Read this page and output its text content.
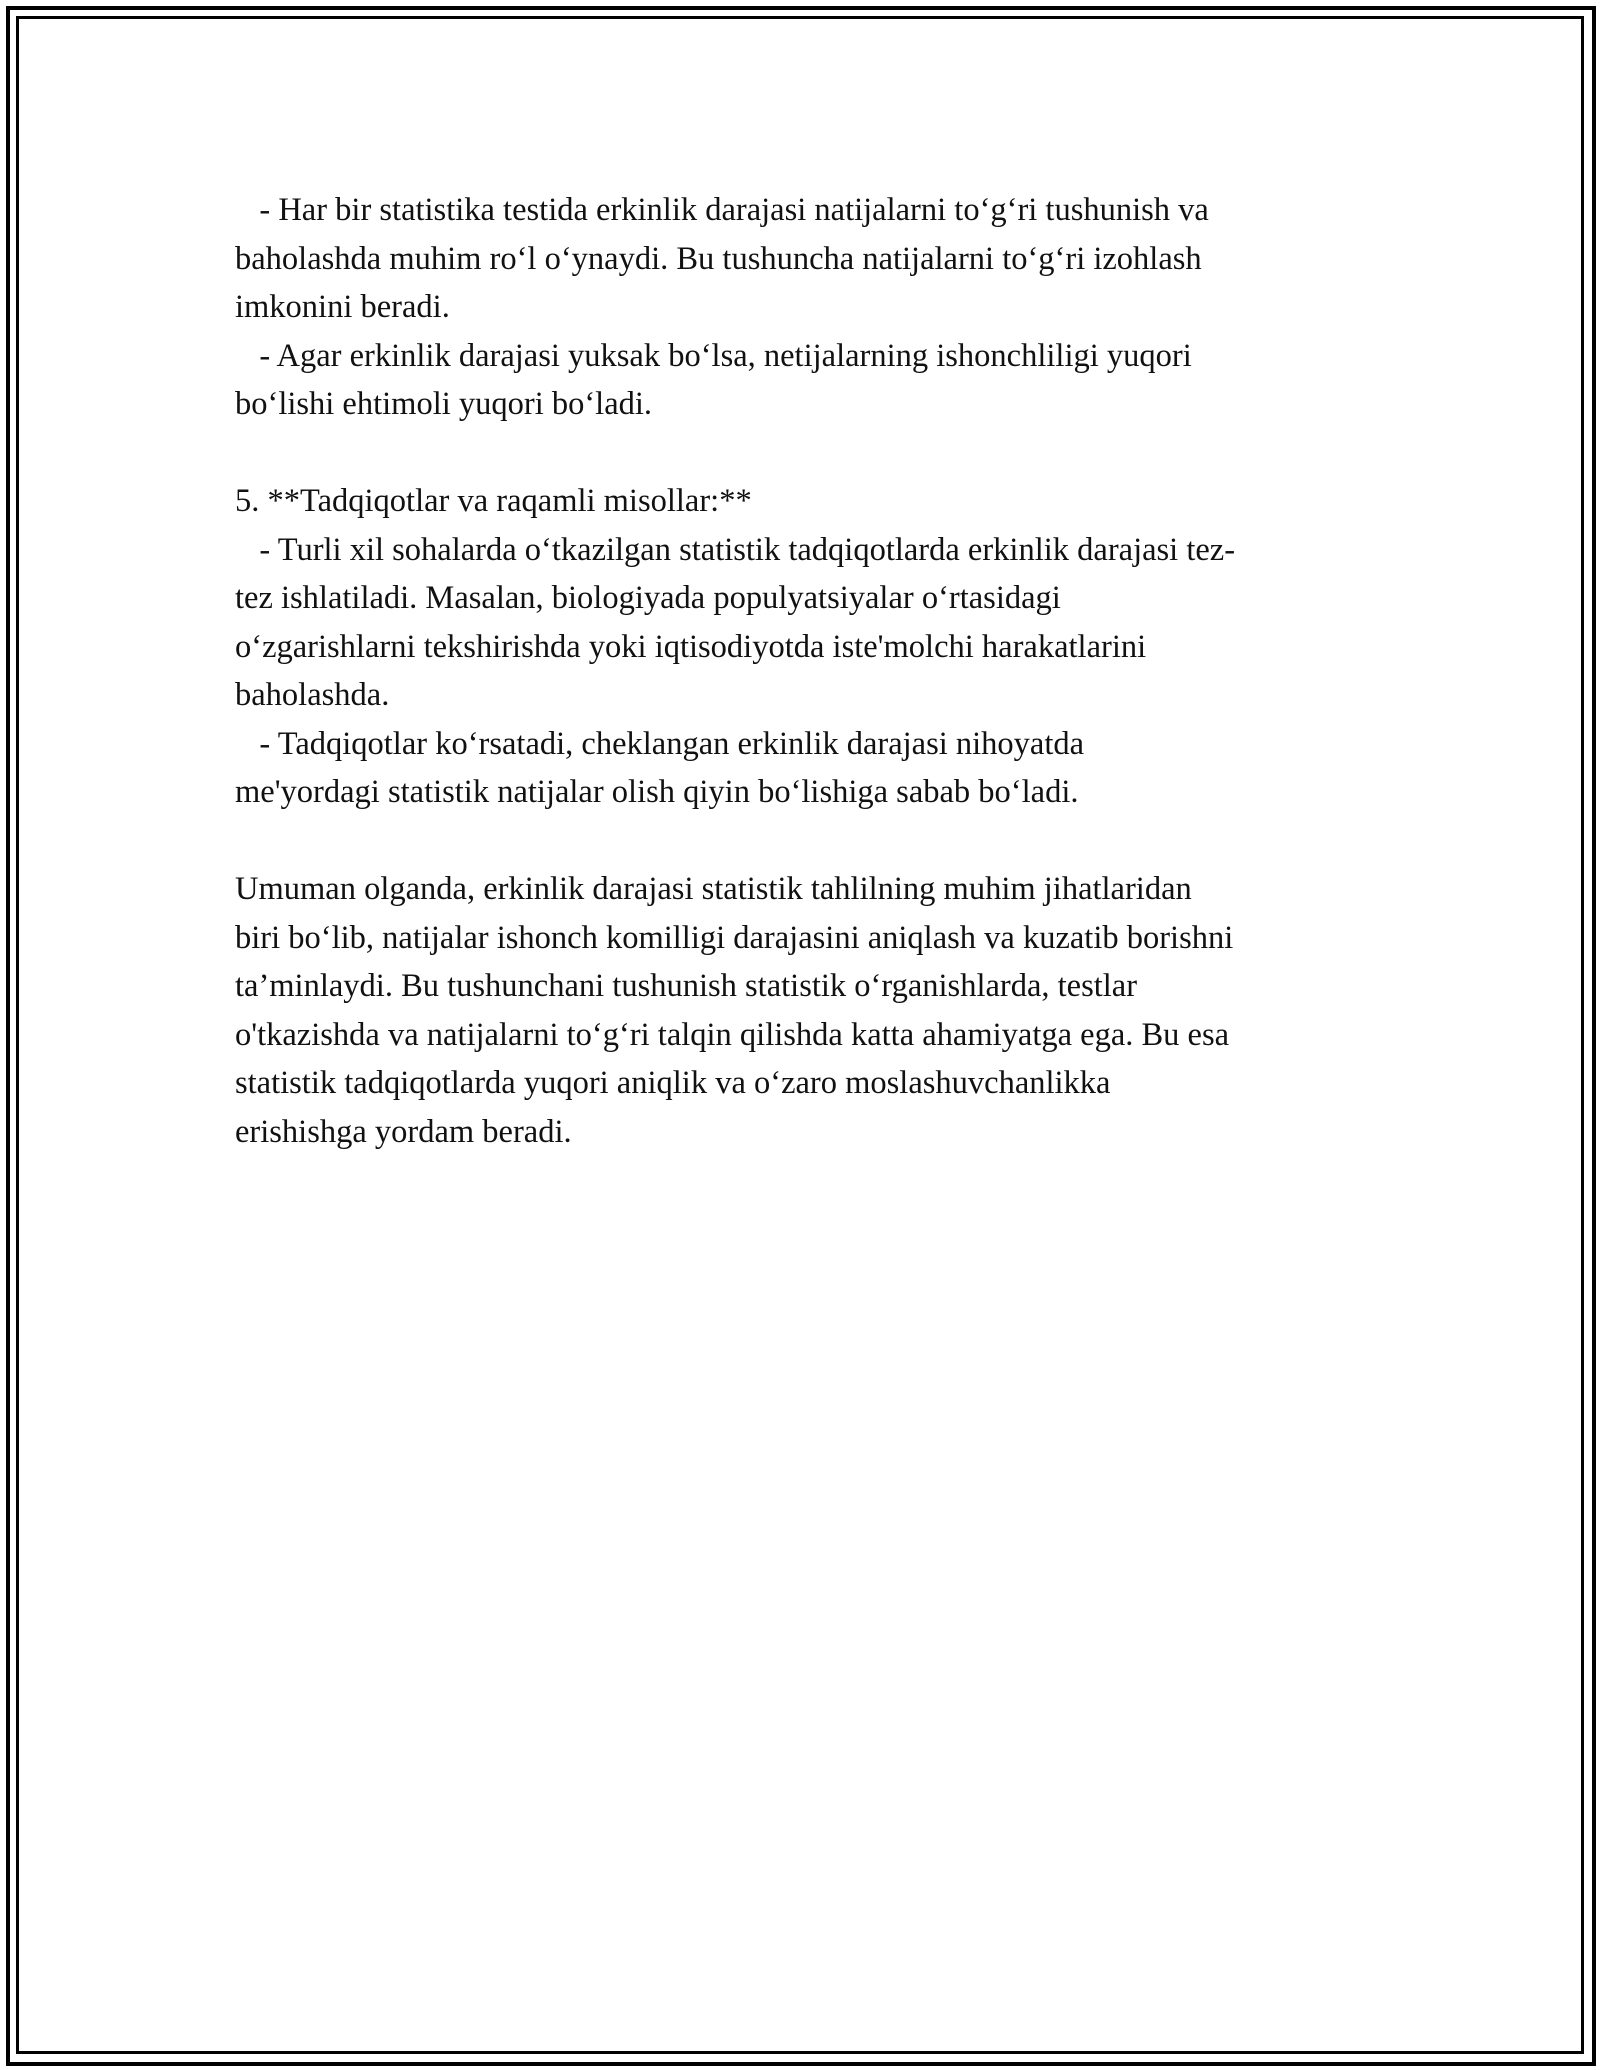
- Har bir statistika testida erkinlik darajasi natijalarni to‘g‘ri tushunish va

baholashda muhim ro‘l o‘ynaydi. Bu tushuncha natijalarni to‘g‘ri izohlash

imkonini beradi.

- Agar erkinlik darajasi yuksak bo‘lsa, netijalarning ishonchliligi yuqori

bo‘lishi ehtimoli yuqori bo‘ladi.

5. **Tadqiqotlar va raqamli misollar:**

- Turli xil sohalarda o‘tkazilgan statistik tadqiqotlarda erkinlik darajasi tez-

tez ishlatiladi. Masalan, biologiyada populyatsiyalar o‘rtasidagi

o‘zgarishlarni tekshirishda yoki iqtisodiyotda iste'molchi harakatlarini

baholashda.

- Tadqiqotlar ko‘rsatadi, cheklangan erkinlik darajasi nihoyatda

me'yordagi statistik natijalar olish qiyin bo‘lishiga sabab bo‘ladi.

Umuman olganda, erkinlik darajasi statistik tahlilning muhim jihatlaridan

biri bo‘lib, natijalar ishonch komilligi darajasini aniqlash va kuzatib borishni

ta’minlaydi. Bu tushunchani tushunish statistik o‘rganishlarda, testlar

o'tkazishda va natijalarni to‘g‘ri talqin qilishda katta ahamiyatga ega. Bu esa

statistik tadqiqotlarda yuqori aniqlik va o‘zaro moslashuvchanlikka

erishishga yordam beradi.
